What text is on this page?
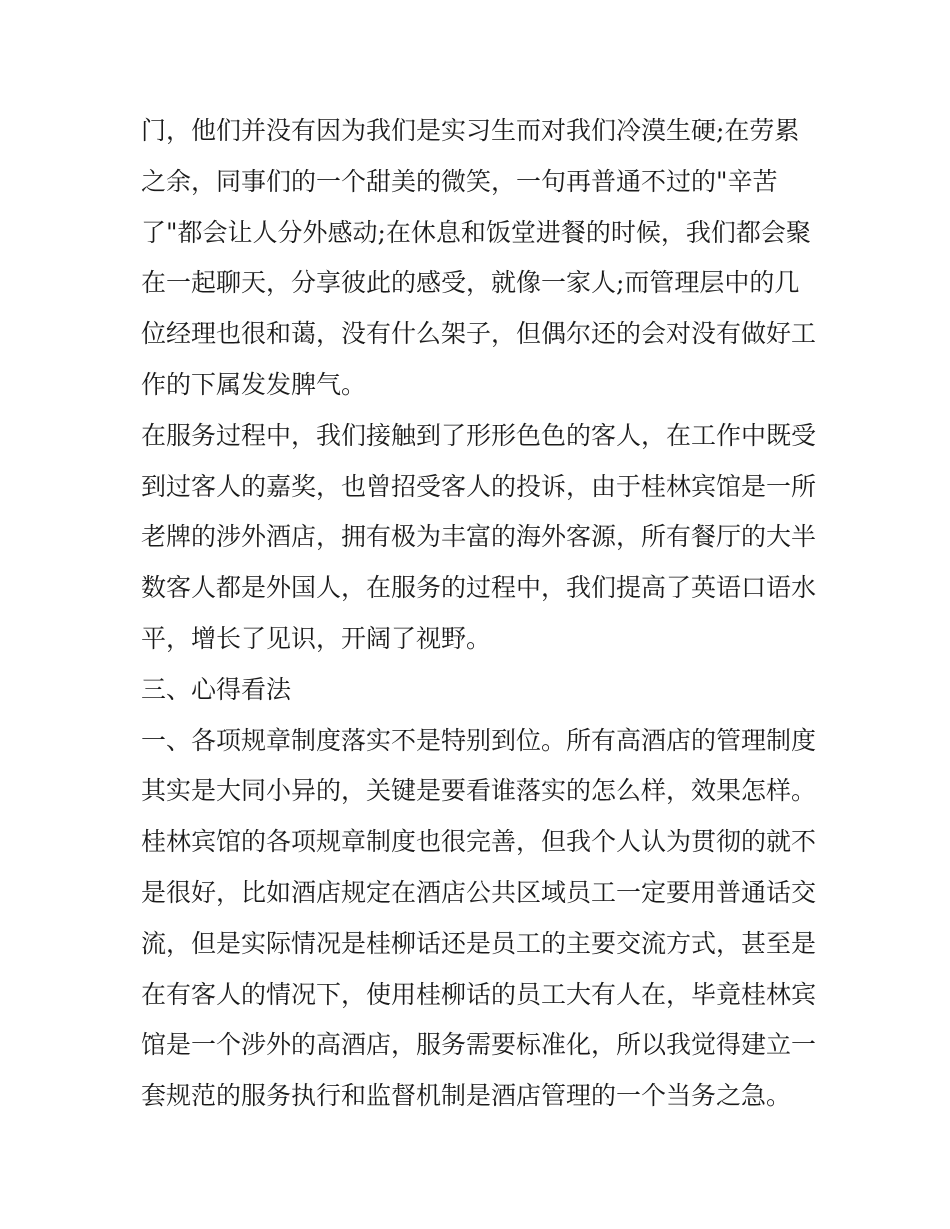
门，他们并没有因为我们是实习生而对我们冷漠生硬;在劳累
之余，同事们的一个甜美的微笑，一句再普通不过的"辛苦
了"都会让人分外感动;在休息和饭堂进餐的时候，我们都会聚
在一起聊天，分享彼此的感受，就像一家人;而管理层中的几
位经理也很和蔼，没有什么架子，但偶尔还的会对没有做好工
作的下属发发脾气。
在服务过程中，我们接触到了形形色色的客人，在工作中既受
到过客人的嘉奖，也曾招受客人的投诉，由于桂林宾馆是一所
老牌的涉外酒店，拥有极为丰富的海外客源，所有餐厅的大半
数客人都是外国人，在服务的过程中，我们提高了英语口语水
平，增长了见识，开阔了视野。
三、心得看法
一、各项规章制度落实不是特别到位。所有高酒店的管理制度
其实是大同小异的，关键是要看谁落实的怎么样，效果怎样。
桂林宾馆的各项规章制度也很完善，但我个人认为贯彻的就不
是很好，比如酒店规定在酒店公共区域员工一定要用普通话交
流，但是实际情况是桂柳话还是员工的主要交流方式，甚至是
在有客人的情况下，使用桂柳话的员工大有人在，毕竟桂林宾
馆是一个涉外的高酒店，服务需要标准化，所以我觉得建立一
套规范的服务执行和监督机制是酒店管理的一个当务之急。
